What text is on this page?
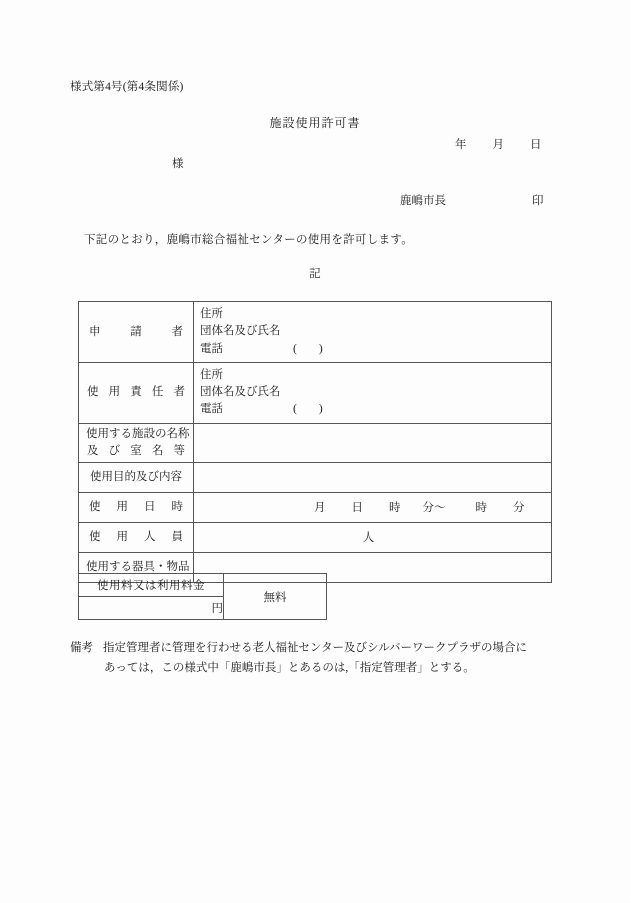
様式第4号(第4条関係)
施設使用許可書
年 月 日
様
鹿嶋市長	印
下記のとおり，鹿嶋市総合福祉センターの使用を許可します。
記
申	請	者

住所
団体名及び氏名
電話	( )

使 用 責 任 者

住所
団体名及び氏名
電話	( )

使用する施設の名称
及 び 室 名 等

使用目的及び内容	

使 用 日 時	月 日 時 分〜 時 分

使 用 人 員	人

使用する器具・物品	

使用料又は利用料金	無料
円
備考 指定管理者に管理を行わせる老人福祉センター及びシルバーワークプラザの場合に
あっては，この様式中「鹿嶋市長」とあるのは,「指定管理者」とする。
